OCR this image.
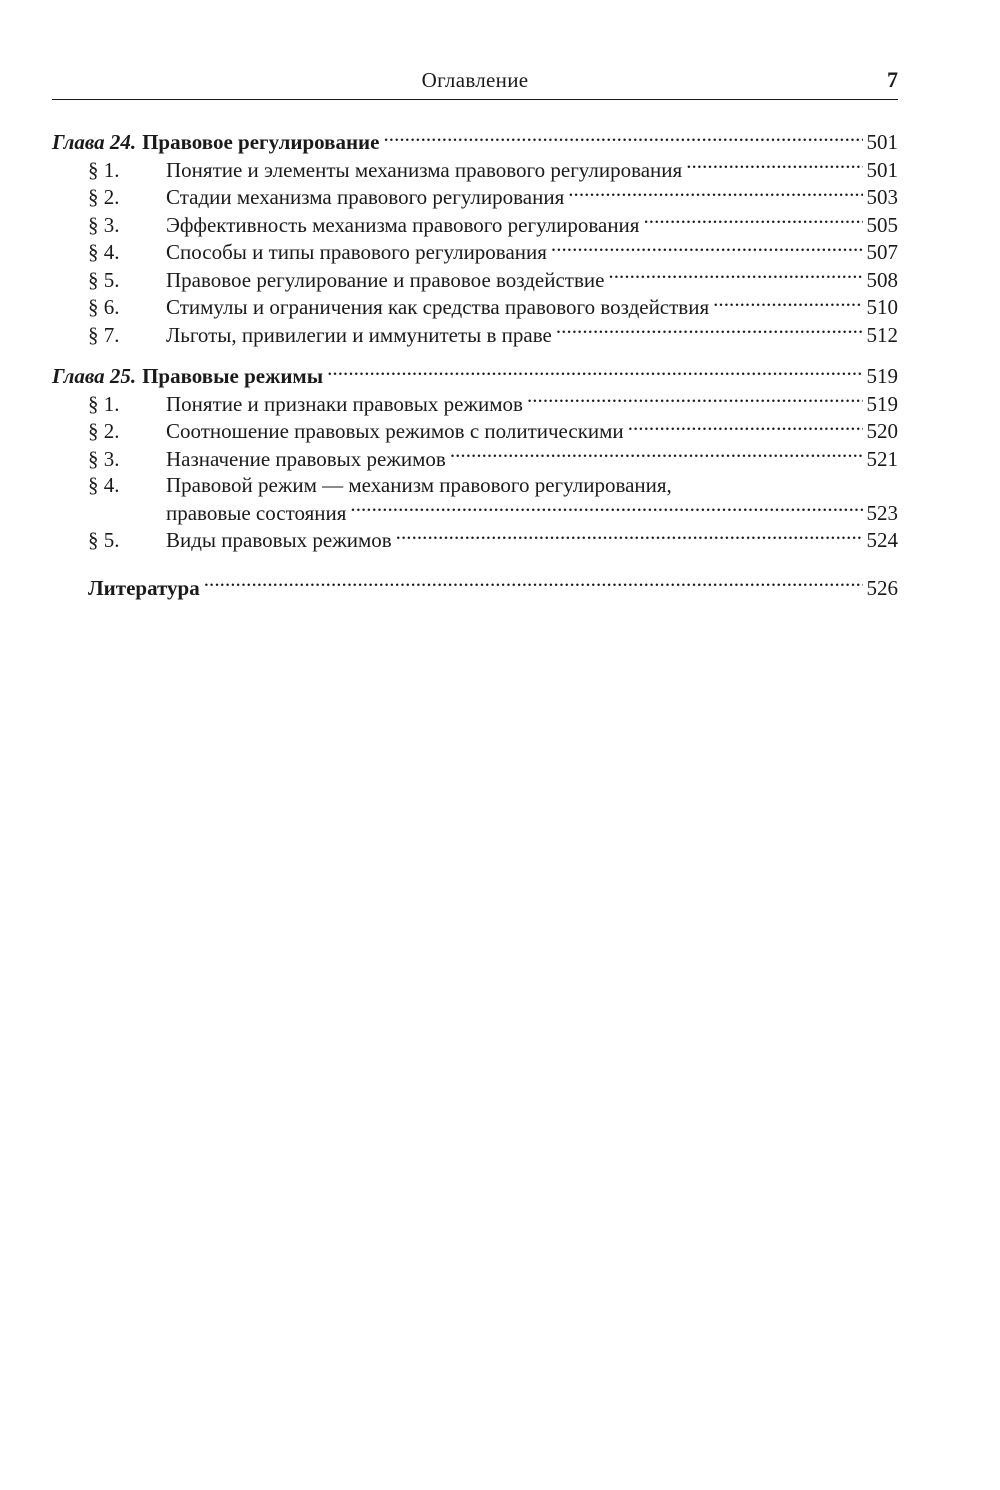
Оглавление	7
Глава 24. Правовое регулирование . . .	501
§ 1.	Понятие и элементы механизма правового регулирования . . .	501
§ 2.	Стадии механизма правового регулирования . . .	503
§ 3.	Эффективность механизма правового регулирования . . .	505
§ 4.	Способы и типы правового регулирования . . .	507
§ 5.	Правовое регулирование и правовое воздействие . . .	508
§ 6.	Стимулы и ограничения как средства правового воздействия . . .	510
§ 7.	Льготы, привилегии и иммунитеты в праве . . .	512
Глава 25. Правовые режимы . . .	519
§ 1.	Понятие и признаки правовых режимов . . .	519
§ 2.	Соотношение правовых режимов с политическими . . .	520
§ 3.	Назначение правовых режимов . . .	521
§ 4.	Правовой режим — механизм правового регулирования,
правовые состояния . . .	523
§ 5.	Виды правовых режимов . . .	524
Литература . . .	526
